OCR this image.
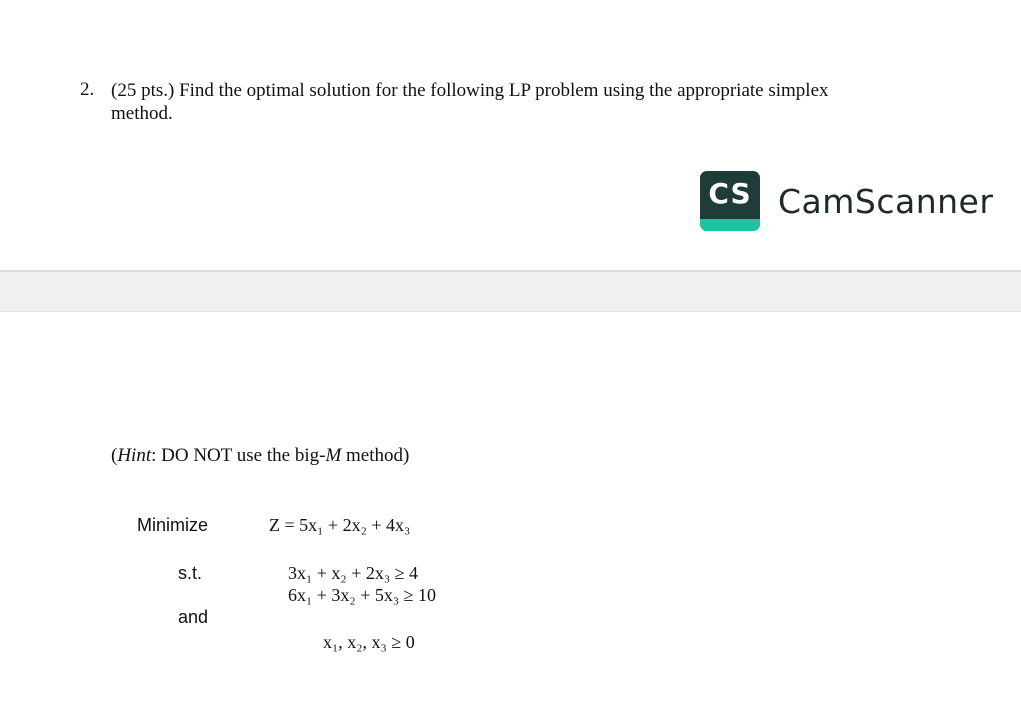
2. (25 pts.) Find the optimal solution for the following LP problem using the appropriate simplex
method.
CS CamScanner
(Hint: DO NOT use the big-M method)
Minimize	Z = 5x₁ + 2x₂ + 4x₃
s.t.	3x₁ + x₂ + 2x₃ ≥ 4
6x₁ + 3x₂ + 5x₃ ≥ 10
and
x₁, x₂, x₃ ≥ 0
